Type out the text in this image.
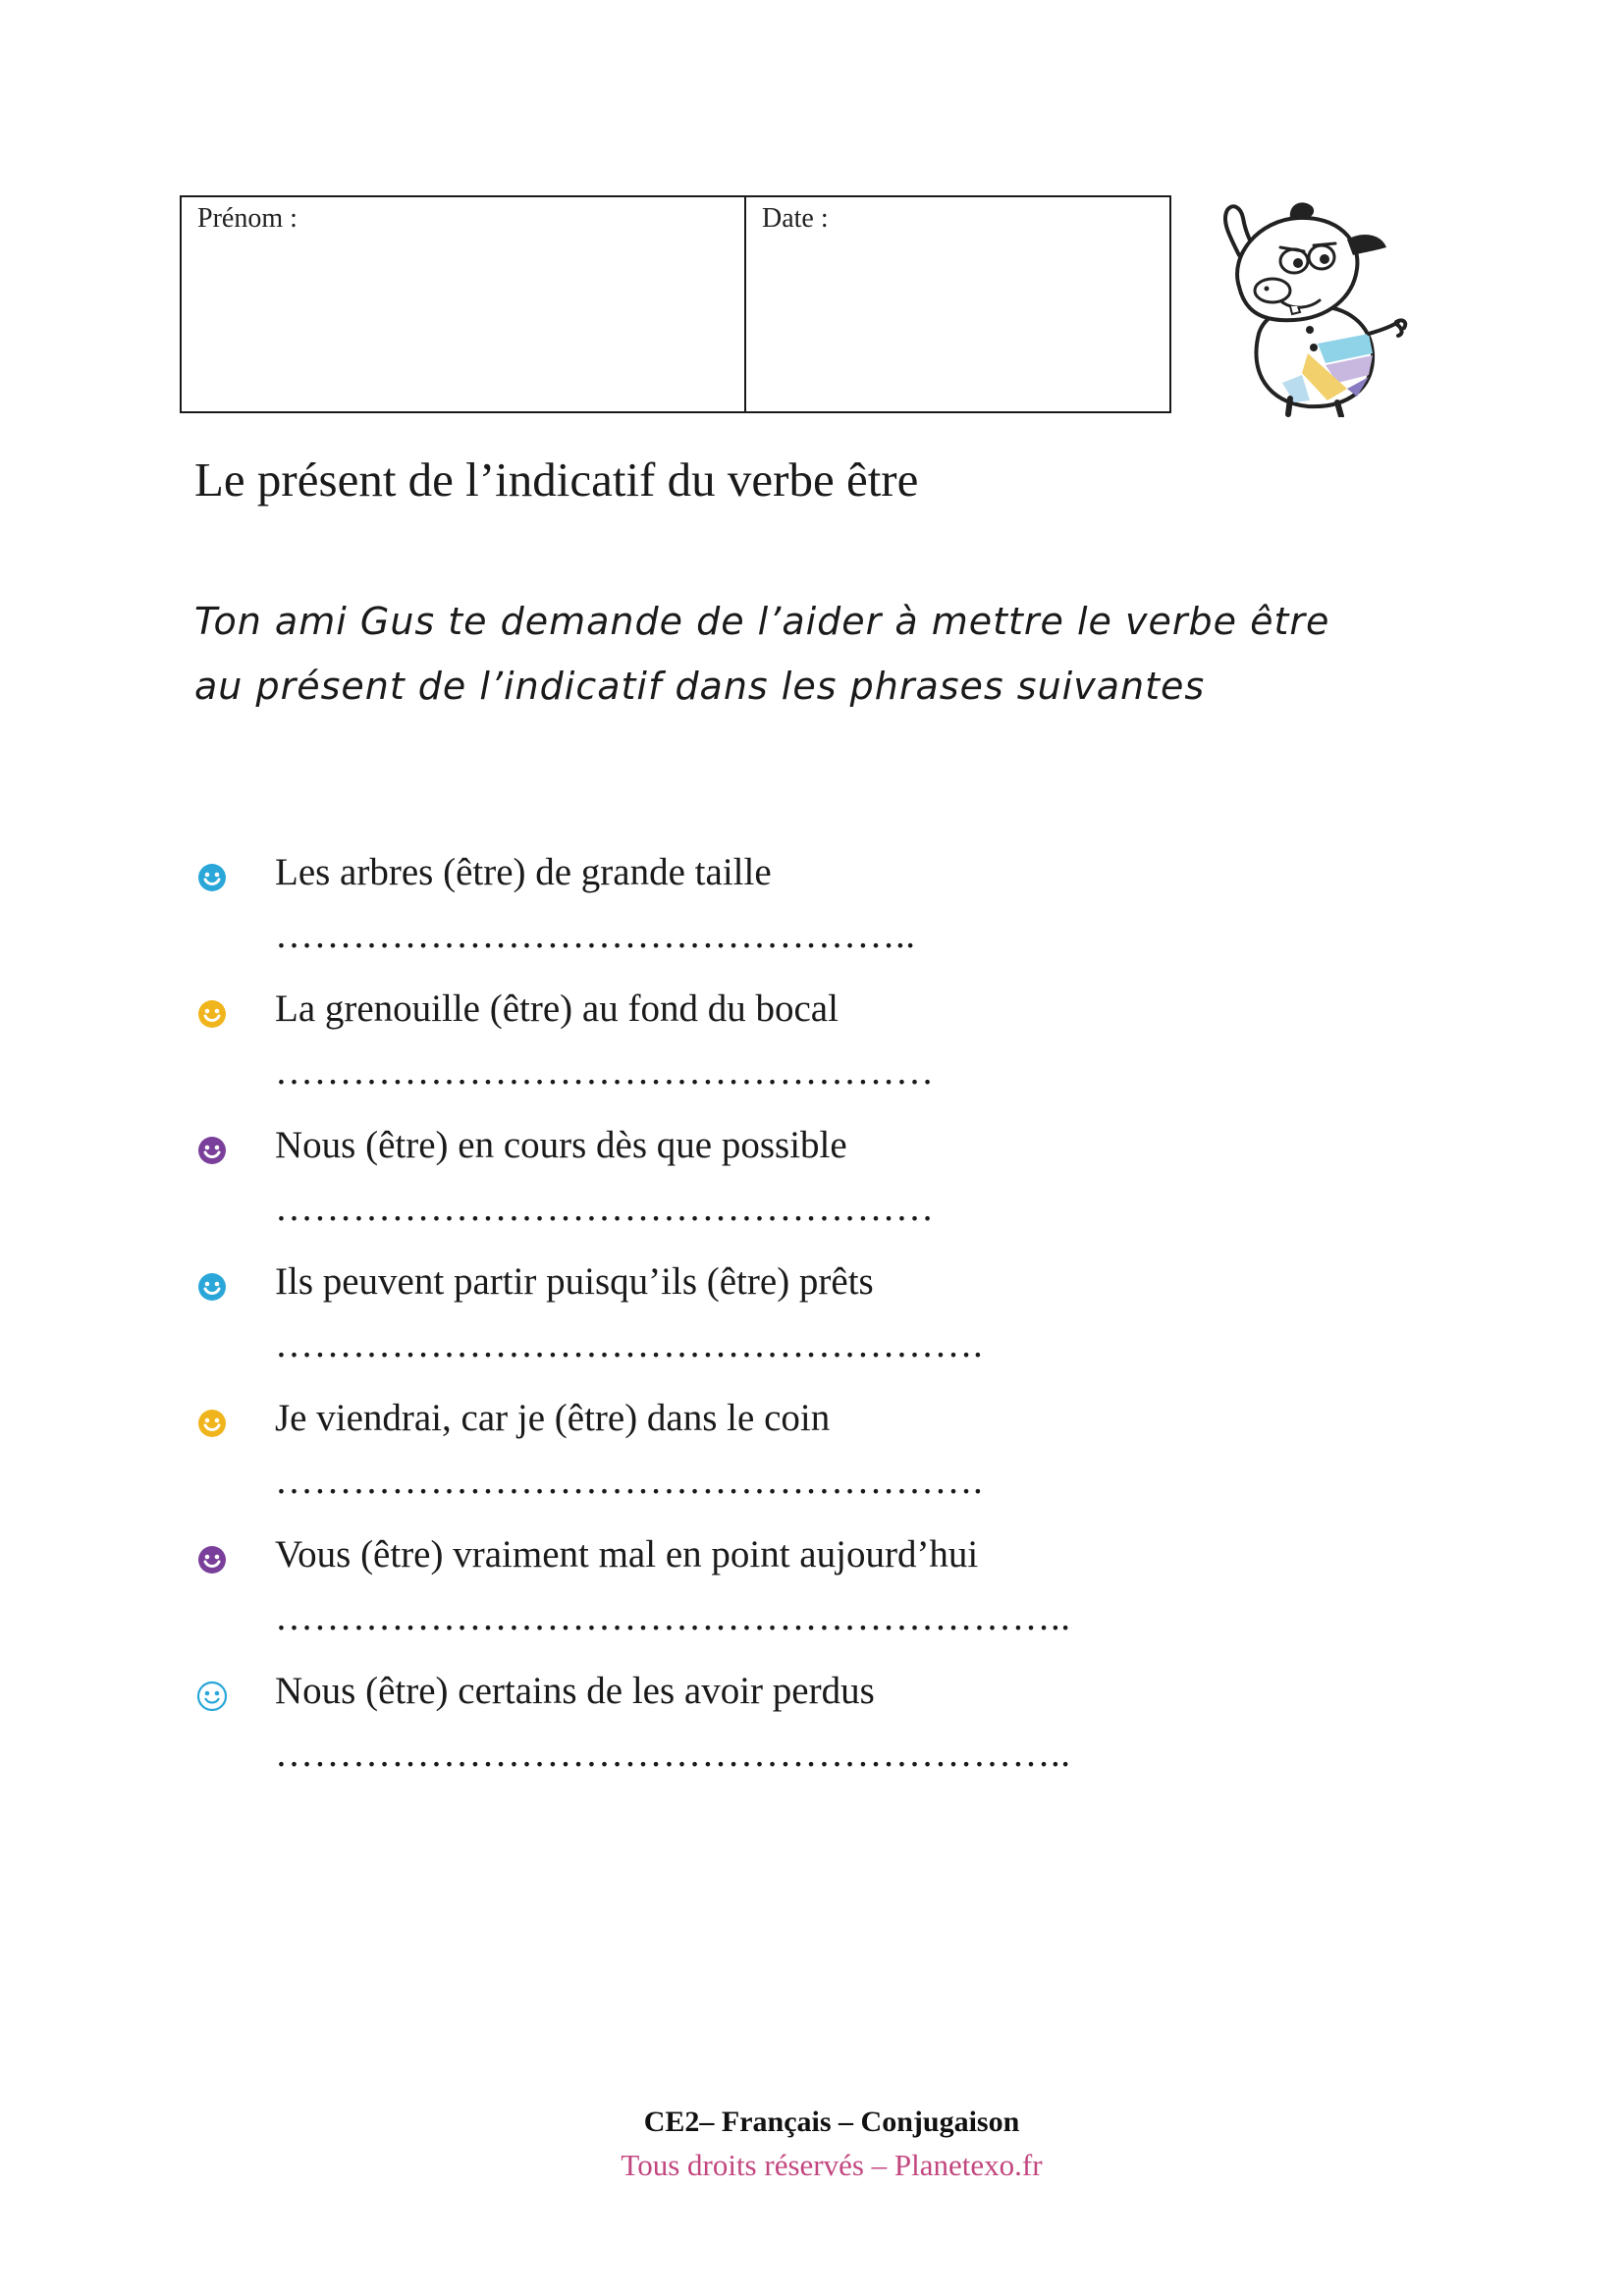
Prénom :	Date :
Le présent de l’indicatif du verbe être
Ton ami Gus te demande de l’aider à mettre le verbe être
au présent de l’indicatif dans les phrases suivantes
Les arbres (être) de grande taille
…………………………………………..
La grenouille (être) au fond du bocal
……………………………………………
Nous (être) en cours dès que possible
……………………………………………
Ils peuvent partir puisqu’ils (être) prêts
……………………………………………….
Je viendrai, car je (être) dans le coin
……………………………………………….
Vous (être) vraiment mal en point aujourd’hui
……………………………………………………..
Nous (être) certains de les avoir perdus
……………………………………………………..
CE2– Français – Conjugaison
Tous droits réservés – Planetexo.fr
